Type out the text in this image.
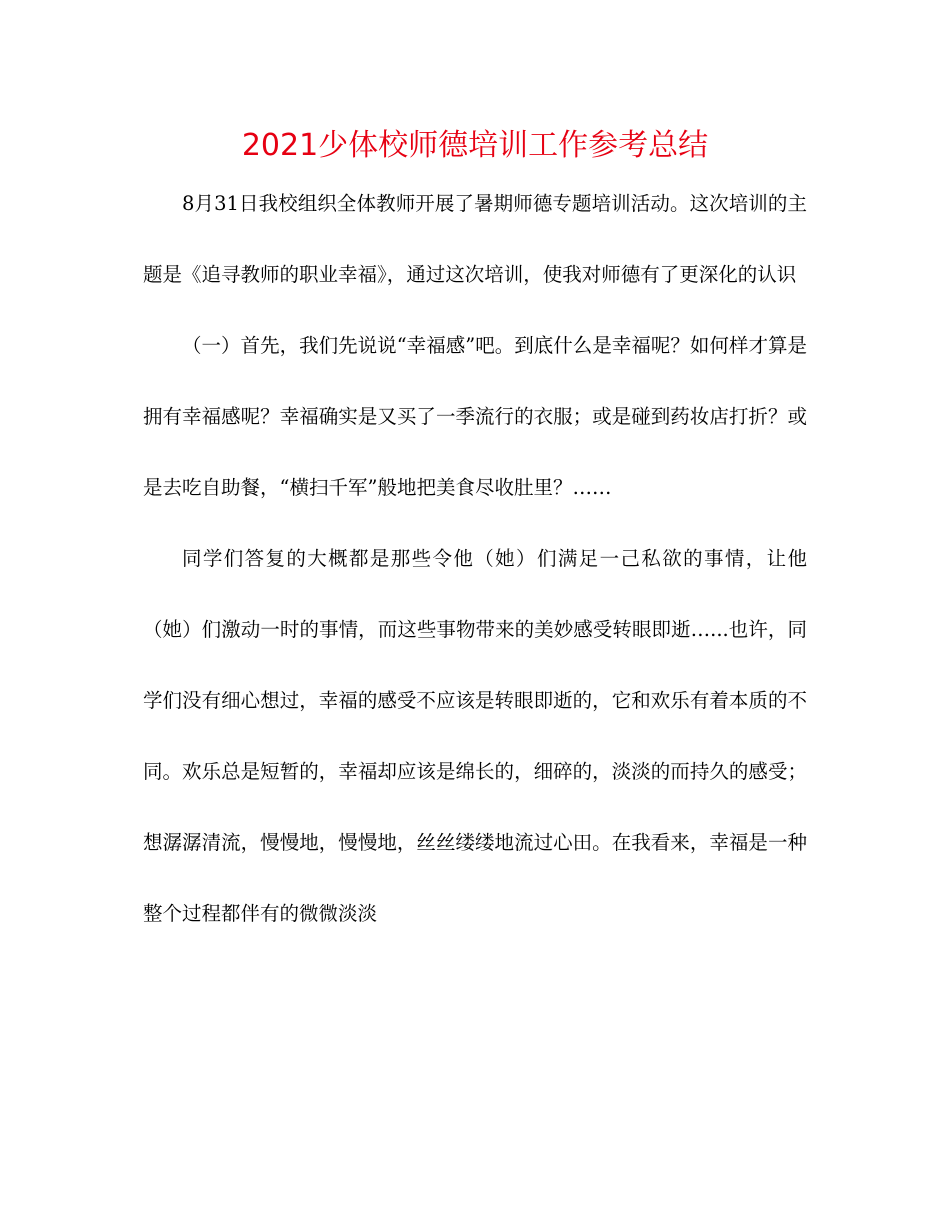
2021少体校师德培训工作参考总结

8月31日我校组织全体教师开展了暑期师德专题培训活动。这次培训的主题是《追寻教师的职业幸福》，通过这次培训，使我对师德有了更深化的认识

（一）首先，我们先说说“幸福感”吧。到底什么是幸福呢？如何样才算是拥有幸福感呢？幸福确实是又买了一季流行的衣服；或是碰到药妆店打折？或是去吃自助餐，“横扫千军”般地把美食尽收肚里？……

同学们答复的大概都是那些令他（她）们满足一己私欲的事情，让他（她）们激动一时的事情，而这些事物带来的美妙感受转眼即逝…...也许，同学们没有细心想过，幸福的感受不应该是转眼即逝的，它和欢乐有着本质的不同。欢乐总是短暂的，幸福却应该是绵长的，细碎的，淡淡的而持久的感受；想潺潺清流，慢慢地，慢慢地，丝丝缕缕地流过心田。在我看来，幸福是一种整个过程都伴有的微微淡淡
